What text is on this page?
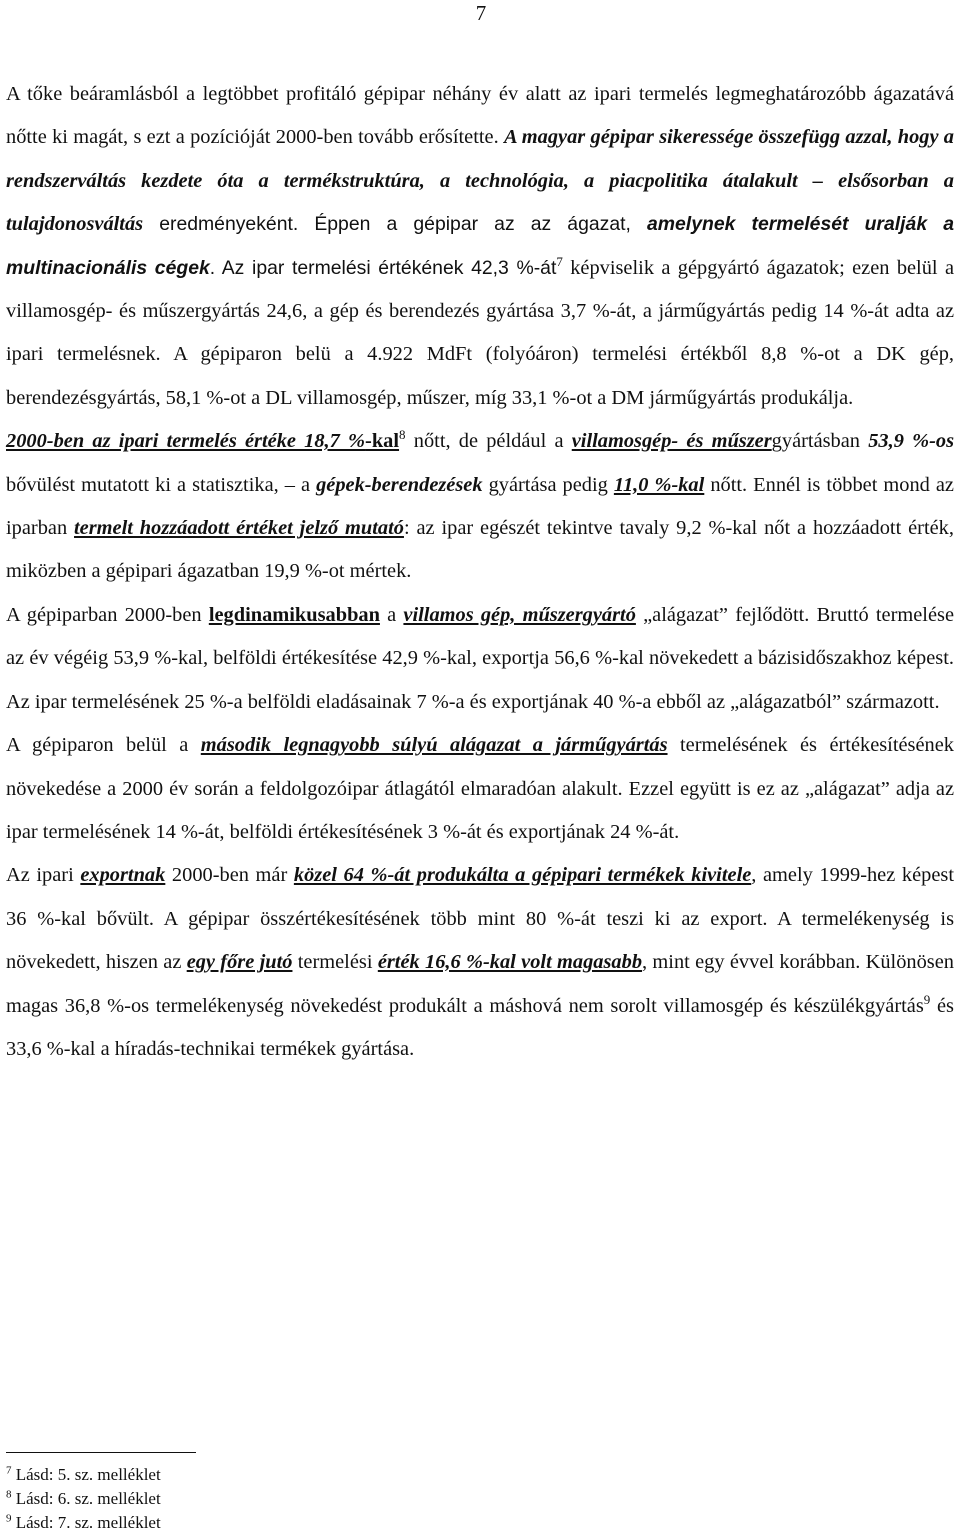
7

A tőke beáramlásból a legtöbbet profitáló gépipar néhány év alatt az ipari termelés legmeghatározóbb ágazatává nőtte ki magát, s ezt a pozícióját 2000-ben tovább erősítette. A magyar gépipar sikeressége összefügg azzal, hogy a rendszerváltás kezdete óta a termékstruktúra, a technológia, a piacpolitika átalakult – elsősorban a tulajdonosváltás eredményeként. Éppen a gépipar az az ágazat, amelynek termelését uralják a multinacionális cégek. Az ipar termelési értékének 42,3 $\%-át^7$ képviselik a gépgyártó ágazatok; ezen belül a villamosgép- és műszergyártás 24,6, a gép és berendezés gyártása 3,7 %-át, a járműgyártás pedig 14 %-át adta az ipari termelésnek. A gépiparon belü a 4.922 MdFt (folyóáron) termelési értékből 8,8 %-ot a DK gép, berendezésgyártás, 58,1 %-ot a DL villamosgép, műszer, míg 33,1 %-ot a DM járműgyártás produkálja.

2000-ben az ipari termelés értéke 18,7 %-kal$^8$ nőtt, de például a villamosgép- és műszergyártásban 53,9 %-os bővülést mutatott ki a statisztika, – a gépek-berendezések gyártása pedig 11,0 %-kal nőtt. Ennél is többet mond az iparban termelt hozzáadott értéket jelző mutató: az ipar egészét tekintve tavaly 9,2 %-kal nőt a hozzáadott érték, miközben a gépipari ágazatban 19,9 %-ot mértek.

A gépiparban 2000-ben legdinamikusabban a villamos gép, műszergyártó „alágazat” fejlődött. Bruttó termelése az év végéig 53,9 %-kal, belföldi értékesítése 42,9 %-kal, exportja 56,6 %-kal növekedett a bázisidőszakhoz képest. Az ipar termelésének 25 %-a belföldi eladásainak 7 %-a és exportjának 40 %-a ebből az „alágazatból” származott.

A gépiparon belül a második legnagyobb súlyú alágazat a járműgyártás termelésének és értékesítésének növekedése a 2000 év során a feldolgozóipar átlagától elmaradóan alakult. Ezzel együtt is ez az „alágazat” adja az ipar termelésének 14 %-át, belföldi értékesítésének 3 %-át és exportjának 24 %-át.

Az ipari exportnak 2000-ben már közel 64 %-át produkálta a gépipari termékek kivitele, amely 1999-hez képest 36 %-kal bővült. A gépipar összértékesítésének több mint 80 %-át teszi ki az export. A termelékenység is növekedett, hiszen az egy főre jutó termelési érték 16,6 %-kal volt magasabb, mint egy évvel korábban. Különösen magas 36,8 %-os termelékenység növekedést produkált a máshová nem sorolt villamosgép és készülékgyártás$^9$ és 33,6 %-kal a híradás-technikai termékek gyártása.

$^7$ Lásd: 5. sz. melléklet
$^8$ Lásd: 6. sz. melléklet
$^9$ Lásd: 7. sz. melléklet
